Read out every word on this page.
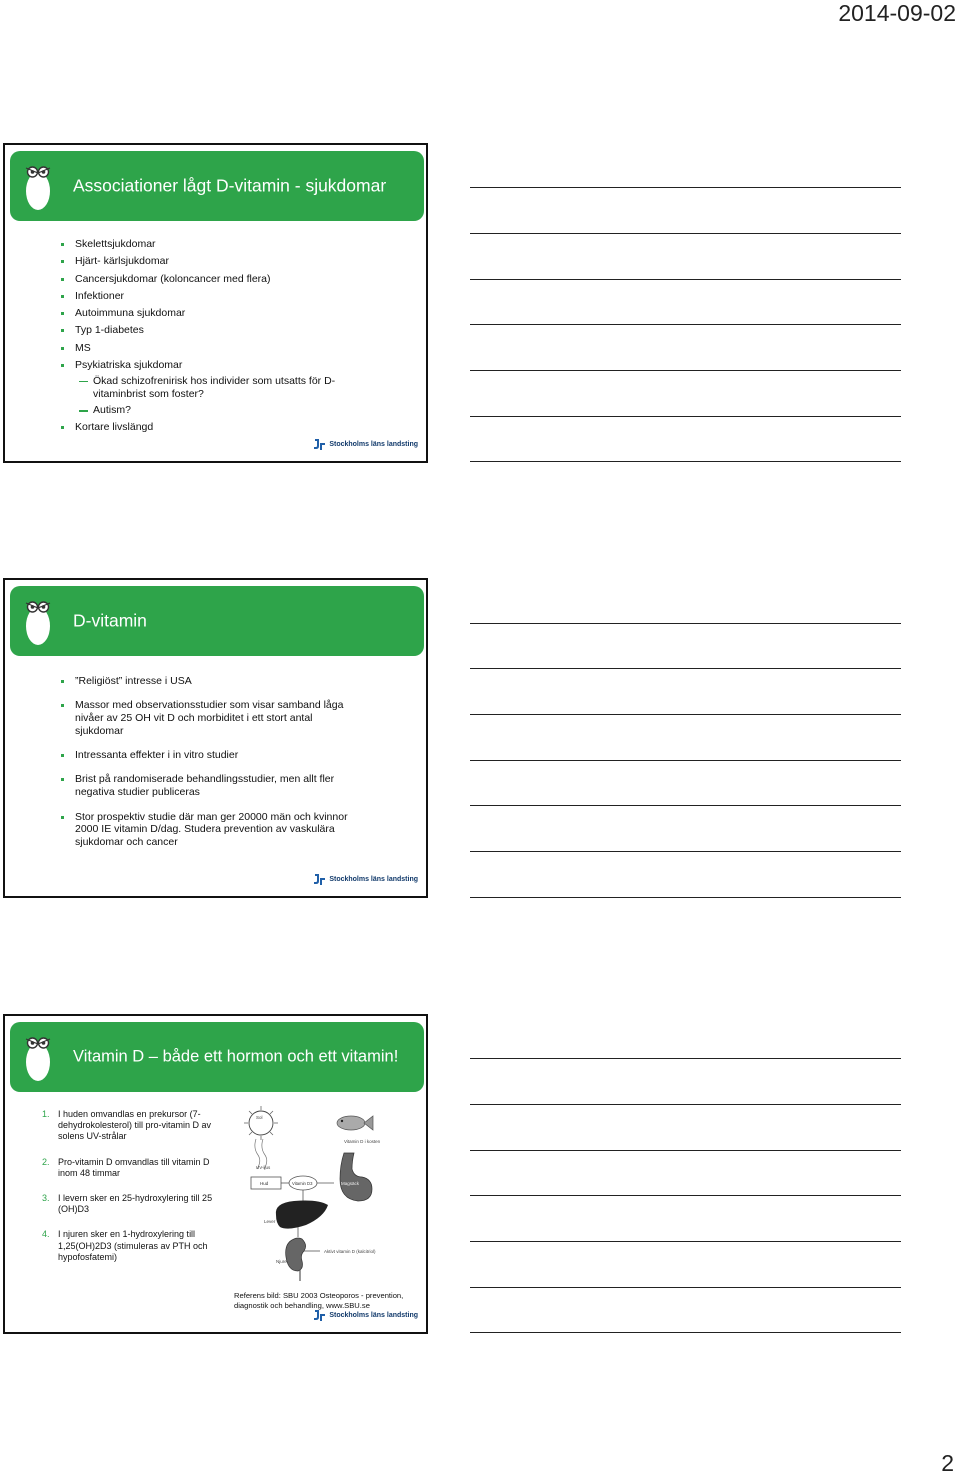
2014-09-02
Associationer lågt D-vitamin - sjukdomar
Skelettsjukdomar
Hjärt- kärlsjukdomar
Cancersjukdomar (koloncancer med flera)
Infektioner
Autoimmuna sjukdomar
Typ 1-diabetes
MS
Psykiatriska sjukdomar
Ökad schizofrenirisk hos individer som utsatts för D-vitaminbrist som foster?
Autism?
Kortare livslängd
Stockholms läns landsting
D-vitamin
”Religiöst” intresse i USA
Massor med observationsstudier som visar samband låga nivåer av 25 OH vit D och morbiditet i ett stort antal sjukdomar
Intressanta effekter i in vitro studier
Brist på randomiserade behandlingsstudier, men allt fler negativa studier publiceras
Stor prospektiv studie där man ger 20000 män och kvinnor 2000 IE vitamin D/dag. Studera prevention av vaskulära sjukdomar och cancer
Stockholms läns landsting
Vitamin D – både ett hormon och ett vitamin!
Stockholms läns landsting
1. I huden omvandlas en prekursor (7-dehydrokolesterol) till pro-vitamin D av solens UV-strålar
2. Pro-vitamin D omvandlas till vitamin D inom 48 timmar
3. I levern sker en 25-hydroxylering till 25 (OH)D3
4. I njuren sker en 1-hydroxylering till 1,25(OH)2D3 (stimuleras av PTH och hypofosfatemi)
Sol
UV-ljus
Vitamin D i kosten
Hud	Vitamin D3	Magsäck
Lever
Njure
Aktivt vitamin D (kalcitriol)
Referens bild: SBU 2003 Osteoporos - prevention, diagnostik och behandling, www.SBU.se
2
